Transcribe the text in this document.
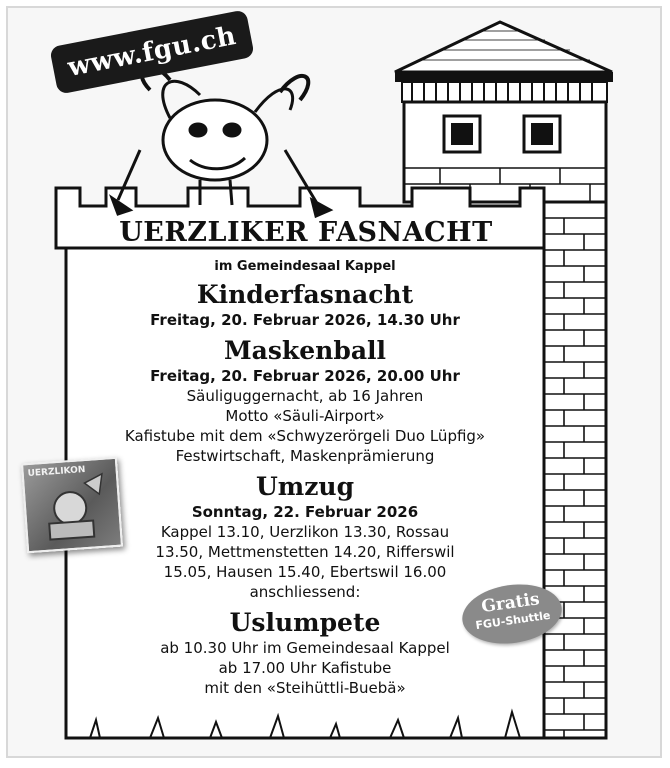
www.fgu.ch
UERZLIKER FASNACHT
im Gemeindesaal Kappel
Kinderfasnacht
Freitag, 20. Februar 2026, 14.30 Uhr
Maskenball
Freitag, 20. Februar 2026, 20.00 Uhr
Säuliguggernacht, ab 16 Jahren
Motto «Säuli-Airport»
Kafistube mit dem «Schwyzerörgeli Duo Lüpfig»
Festwirtschaft, Maskenprämierung
Umzug
Sonntag, 22. Februar 2026
Kappel 13.10, Uerzlikon 13.30, Rossau
13.50, Mettmenstetten 14.20, Rifferswil
15.05, Hausen 15.40, Ebertswil 16.00
anschliessend:
Uslumpete
ab 10.30 Uhr im Gemeindesaal Kappel
ab 17.00 Uhr Kafistube
mit den «Steihüttli-Buebä»
UERZLIKON
Gratis
FGU-Shuttle
